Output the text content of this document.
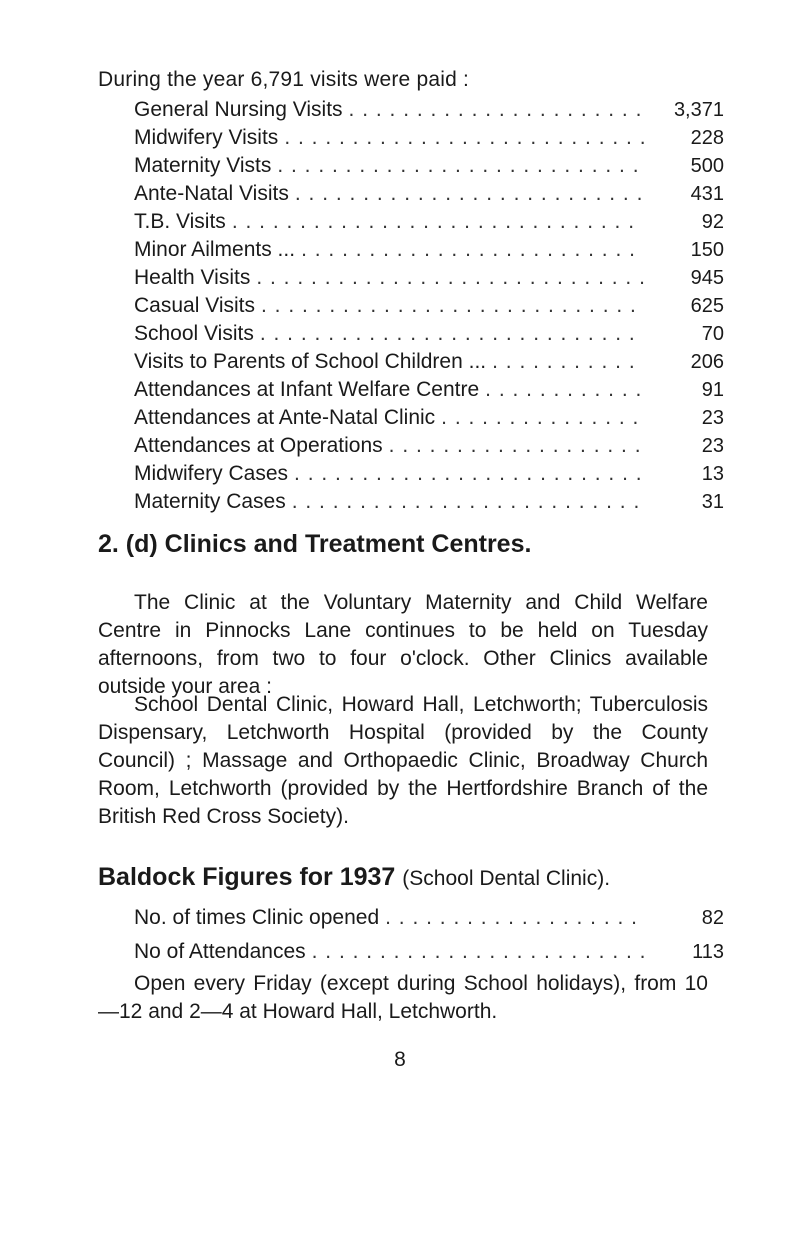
During the year 6,791 visits were paid :
General Nursing Visits . . .	3,371
Midwifery Visits . . .	228
Maternity Vists . . .	500
Ante-Natal Visits . . .	431
T.B. Visits . . .	92
Minor Ailments ... . . .	150
Health Visits . . .	945
Casual Visits . . .	625
School Visits . . .	70
Visits to Parents of School Children ... . . .	206
Attendances at Infant Welfare Centre . . .	91
Attendances at Ante-Natal Clinic . . .	23
Attendances at Operations . . .	23
Midwifery Cases . . .	13
Maternity Cases . . .	31
2. (d) Clinics and Treatment Centres.
The Clinic at the Voluntary Maternity and Child Welfare Centre in Pinnocks Lane continues to be held on Tuesday afternoons, from two to four o'clock. Other Clinics available outside your area :
School Dental Clinic, Howard Hall, Letchworth; Tuberculosis Dispensary, Letchworth Hospital (provided by the County Council) ; Massage and Orthopaedic Clinic, Broadway Church Room, Letchworth (provided by the Hertfordshire Branch of the British Red Cross Society).
Baldock Figures for 1937 (School Dental Clinic).
No. of times Clinic opened . . .	82
No of Attendances . . .	113
Open every Friday (except during School holidays), from 10—12 and 2—4 at Howard Hall, Letchworth.
8
